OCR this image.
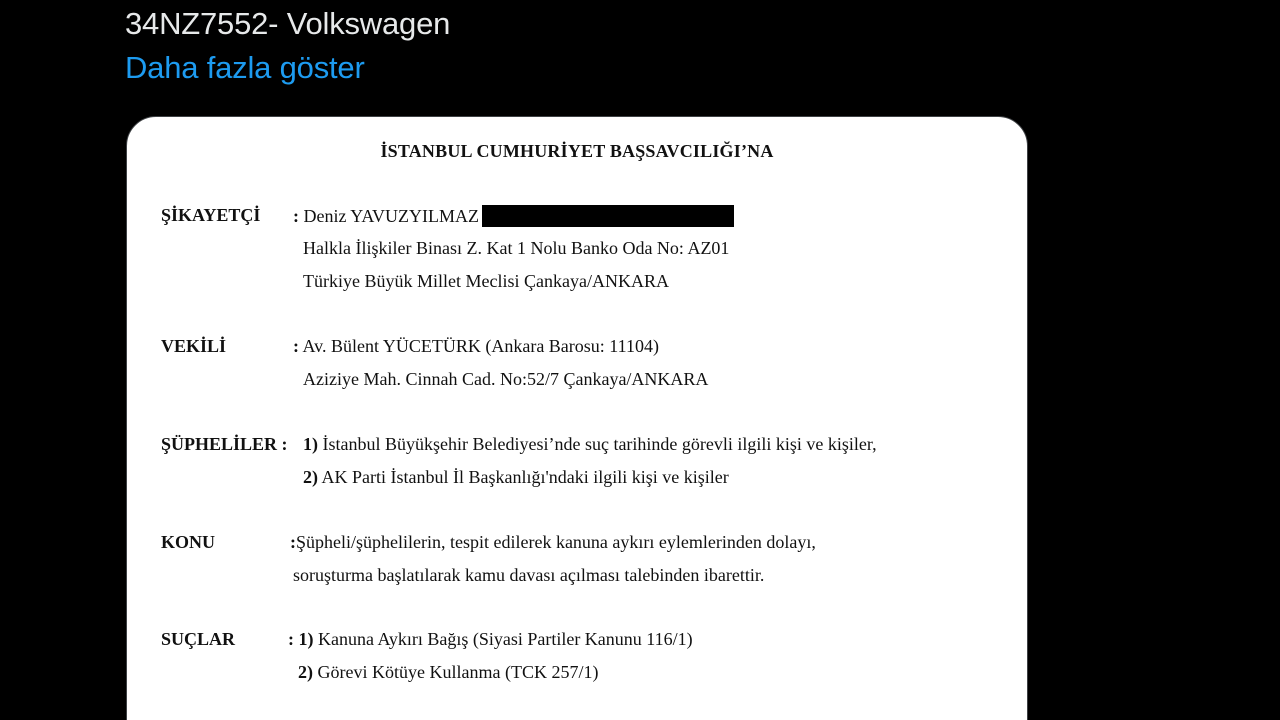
34NZ7552- Volkswagen
Daha fazla göster
İSTANBUL CUMHURİYET BAŞSAVCILIĞI’NA
ŞİKAYETÇİ : Deniz YAVUZYILMAZ
Halkla İlişkiler Binası Z. Kat 1 Nolu Banko Oda No: AZ01
Türkiye Büyük Millet Meclisi Çankaya/ANKARA
VEKİLİ	: Av. Bülent YÜCETÜRK (Ankara Barosu: 11104)
Aziziye Mah. Cinnah Cad. No:52/7 Çankaya/ANKARA
ŞÜPHELİLER : 1) İstanbul Büyükşehir Belediyesi’nde suç tarihinde görevli ilgili kişi ve kişiler,
2) AK Parti İstanbul İl Başkanlığı'ndaki ilgili kişi ve kişiler
KONU	:Şüpheli/şüphelilerin, tespit edilerek kanuna aykırı eylemlerinden dolayı,
soruşturma başlatılarak kamu davası açılması talebinden ibarettir.
SUÇLAR	: 1) Kanuna Aykırı Bağış (Siyasi Partiler Kanunu 116/1)
2) Görevi Kötüye Kullanma (TCK 257/1)
